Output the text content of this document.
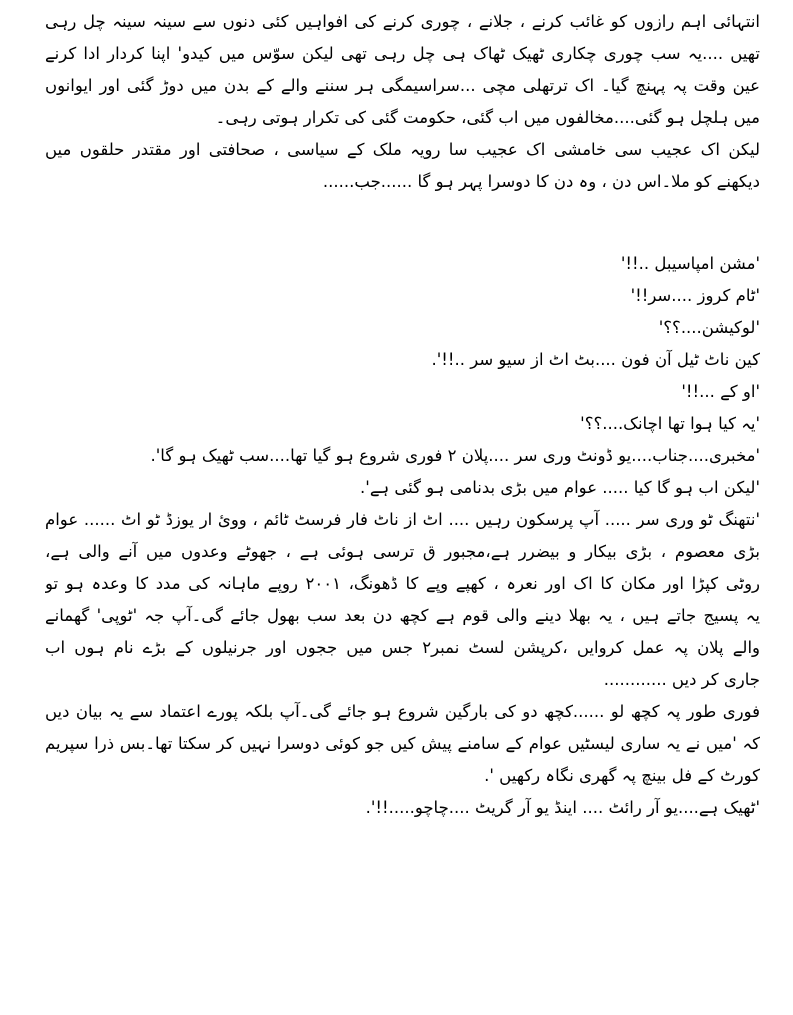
انتہائی اہم رازوں کو غائب کرنے ، جلانے ، چوری کرنے کی افواہیں کئی دنوں سے سینہ سینہ چل رہی
تھیں ....یہ سب چوری چکاری ٹھیک ٹھاک ہی چل رہی تھی لیکن سوّس میں کیدو' اپنا کردار ادا کرنے
عین وقت پہ پہنچ گیا۔ اک ترتھلی مچی ...سراسیمگی ہر سننے والے کے بدن میں دوڑ گئی اور ایوانوں
میں ہلچل ہو گئی....مخالفوں میں اب گئی، حکومت گئی کی تکرار ہوتی رہی۔
لیکن اک عجیب سی خامشی اک عجیب سا رویہ ملک کے سیاسی ، صحافتی اور مقتدر حلقوں میں
دیکھنے کو ملا۔اس دن ، وہ دن کا دوسرا پہر ہو گا ......جب......
'مشن امپاسیبل ..!!'
'ٹام کروز ....سر!!'
'لوکیشن....؟؟'
کین ناٹ ٹیل آن فون ....بٹ اٹ از سیو سر ..!!'.
'او کے ...!!'
'یہ کیا ہوا تھا اچانک....؟؟'
'مخبری....جناب....یو ڈونٹ وری سر ....پلان ۲ فوری شروع ہو گیا تھا....سب ٹھیک ہو گا'.
'لیکن اب ہو گا کیا ..... عوام میں بڑی بدنامی ہو گئی ہے'.
'نتھنگ ٹو وری سر ..... آپ پرسکون رہیں .... اٹ از ناٹ فار فرسٹ ٹائم ، ووئ ار یوزڈ ٹو اٹ ...... عوام
بڑی معصوم ، بڑی بیکار و بیضرر ہے،مجبور ق ترسی ہوئی ہے ، جھوٹے وعدوں میں آنے والی ہے،
روٹی کپڑا اور مکان کا اک اور نعرہ ، کھپے وپے کا ڈھونگ، ۲۰۰۱ روپے ماہانہ کی مدد کا وعدہ ہو تو
یہ پسیج جاتے ہیں ، یہ بھلا دینے والی قوم ہے کچھ دن بعد سب بھول جائے گی۔آپ جہ 'ٹوپی' گھمانے
والے پلان پہ عمل کروایں ،کرپشن لسٹ نمبر۲ جس میں ججوں اور جرنیلوں کے بڑے نام ہوں اب
جاری کر دیں ............
فوری طور پہ کچھ لو ......کچھ دو کی بارگین شروع ہو جائے گی۔آپ بلکہ پورے اعتماد سے یہ بیان دیں
کہ 'میں نے یہ ساری لیسٹیں عوام کے سامنے پیش کیں جو کوئی دوسرا نہیں کر سکتا تھا۔بس ذرا سپریم
کورٹ کے فل بینچ پہ گھری نگاہ رکھیں '.
'ٹھیک ہے....یو آر رائٹ .... اینڈ یو آر گریٹ ....چاچو.....!!'.
